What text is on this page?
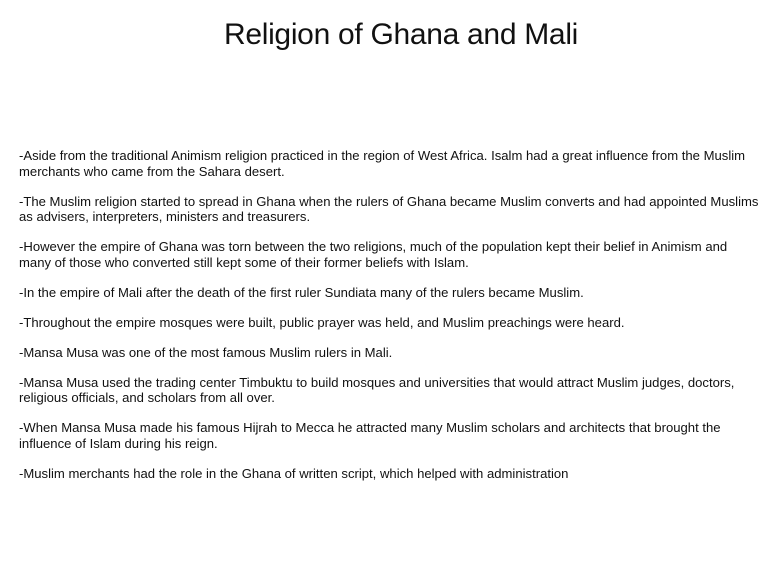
Religion of Ghana and Mali

-Aside from the traditional Animism religion practiced in the region of West Africa. Isalm had a great influence from the Muslim merchants who came from the Sahara desert.

-The Muslim religion started to spread in Ghana when the rulers of Ghana became Muslim converts and had appointed Muslims as advisers, interpreters, ministers and treasurers.

-However the empire of Ghana was torn between the two religions, much of the population kept their belief in Animism and many of those who converted still kept some of their former beliefs with Islam.

-In the empire of Mali after the death of the first ruler Sundiata many of the rulers became Muslim.

-Throughout the empire mosques were built, public prayer was held, and Muslim preachings were heard.

-Mansa Musa was one of the most famous Muslim rulers in Mali.

-Mansa Musa used the trading center Timbuktu to build mosques and universities that would attract Muslim judges, doctors, religious officials, and scholars from all over.

-When Mansa Musa made his famous Hijrah to Mecca he attracted many Muslim scholars and architects that brought the influence of Islam during his reign.

-Muslim merchants had the role in the Ghana of written script, which helped with administration
